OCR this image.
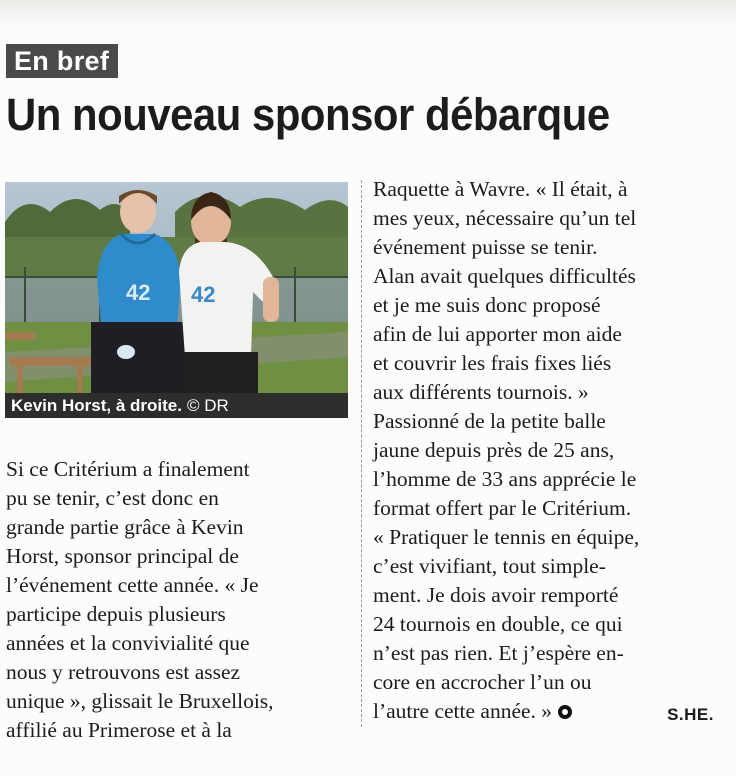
En bref
Un nouveau sponsor débarque
42 42
Kevin Horst, à droite. © DR
Si ce Critérium a finalement
pu se tenir, c’est donc en
grande partie grâce à Kevin
Horst, sponsor principal de
l’événement cette année. « Je
participe depuis plusieurs
années et la convivialité que
nous y retrouvons est assez
unique », glissait le Bruxellois,
affilié au Primerose et à la
Raquette à Wavre. « Il était, à
mes yeux, nécessaire qu’un tel
événement puisse se tenir.
Alan avait quelques difficultés
et je me suis donc proposé
afin de lui apporter mon aide
et couvrir les frais fixes liés
aux différents tournois. »
Passionné de la petite balle
jaune depuis près de 25 ans,
l’homme de 33 ans apprécie le
format offert par le Critérium.
« Pratiquer le tennis en équipe,
c’est vivifiant, tout simple-
ment. Je dois avoir remporté
24 tournois en double, ce qui
n’est pas rien. Et j’espère en-
core en accrocher l’un ou
l’autre cette année. »	S.HE.
